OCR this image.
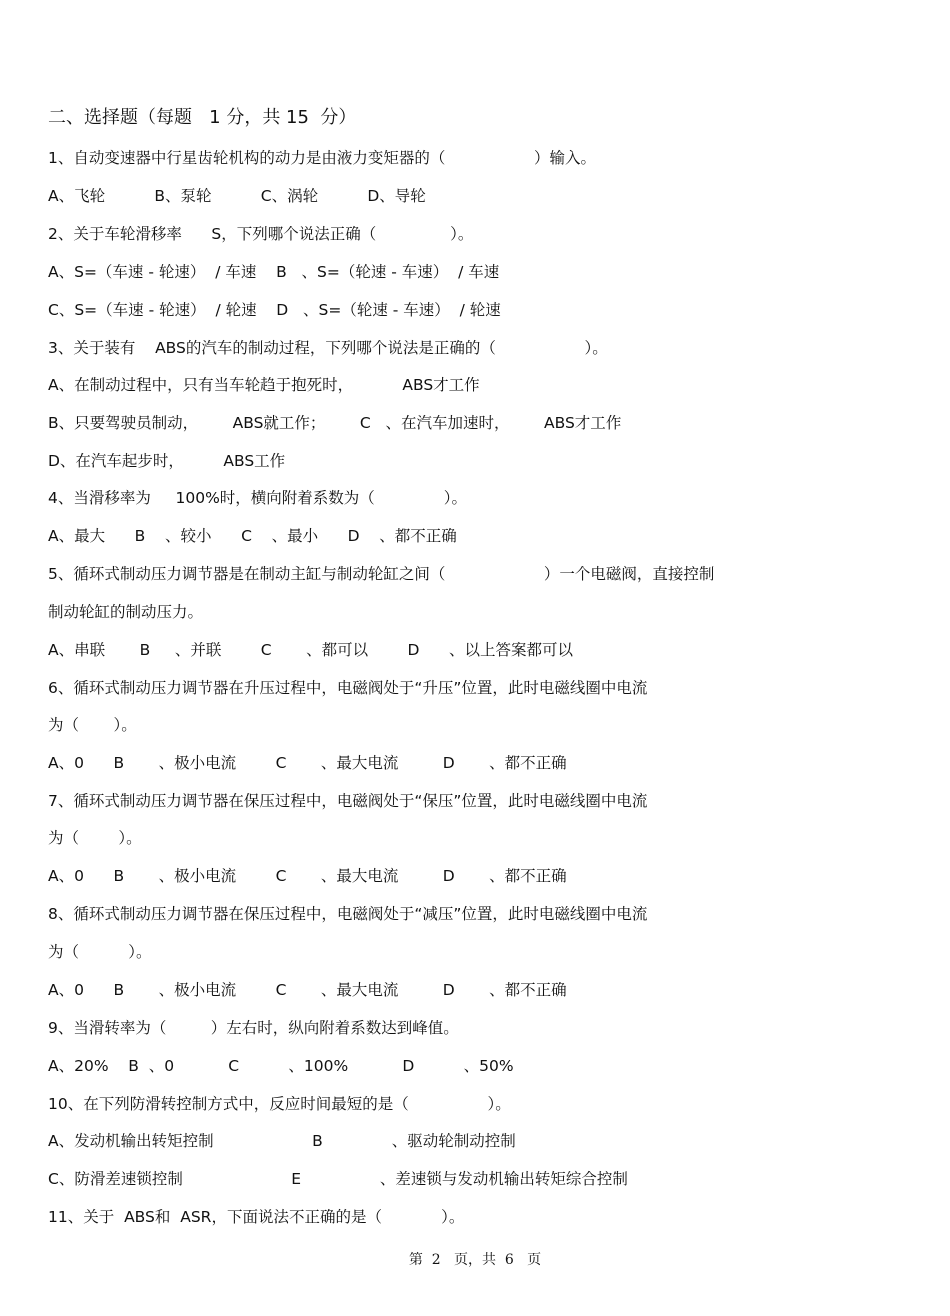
二、选择题（每题   1 分，共 15  分）
1、自动变速器中行星齿轮机构的动力是由液力变矩器的（                  ）输入。
A、飞轮          B、泵轮          C、涡轮          D、导轮
2、关于车轮滑移率      S，下列哪个说法正确（               ）。
A、S=（车速 - 轮速）  / 车速    B   、S=（轮速 - 车速）  / 车速
C、S=（车速 - 轮速）  / 轮速    D   、S=（轮速 - 车速）  / 轮速
3、关于装有    ABS的汽车的制动过程，下列哪个说法是正确的（                  ）。
A、在制动过程中，只有当车轮趋于抱死时，          ABS才工作
B、只要驾驶员制动，       ABS就工作；       C   、在汽车加速时，       ABS才工作
D、在汽车起步时，        ABS工作
4、当滑移率为     100%时，横向附着系数为（              ）。
A、最大      B    、较小      C    、最小      D    、都不正确
5、循环式制动压力调节器是在制动主缸与制动轮缸之间（                    ）一个电磁阀，直接控制
制动轮缸的制动压力。
A、串联       B     、并联        C       、都可以        D      、以上答案都可以
6、循环式制动压力调节器在升压过程中，电磁阀处于“升压”位置，此时电磁线圈中电流
为（       ）。
A、0      B       、极小电流        C       、最大电流         D       、都不正确
7、循环式制动压力调节器在保压过程中，电磁阀处于“保压”位置，此时电磁线圈中电流
为（        ）。
A、0      B       、极小电流        C       、最大电流         D       、都不正确
8、循环式制动压力调节器在保压过程中，电磁阀处于“减压”位置，此时电磁线圈中电流
为（          ）。
A、0      B       、极小电流        C       、最大电流         D       、都不正确
9、当滑转率为（         ）左右时，纵向附着系数达到峰值。
A、20%    B  、0           C          、100%           D          、50%
10、在下列防滑转控制方式中，反应时间最短的是（                ）。
A、发动机输出转矩控制                    B              、驱动轮制动控制
C、防滑差速锁控制                      E                、差速锁与发动机输出转矩综合控制
11、关于  ABS和  ASR，下面说法不正确的是（            ）。
第  2   页，共  6   页
